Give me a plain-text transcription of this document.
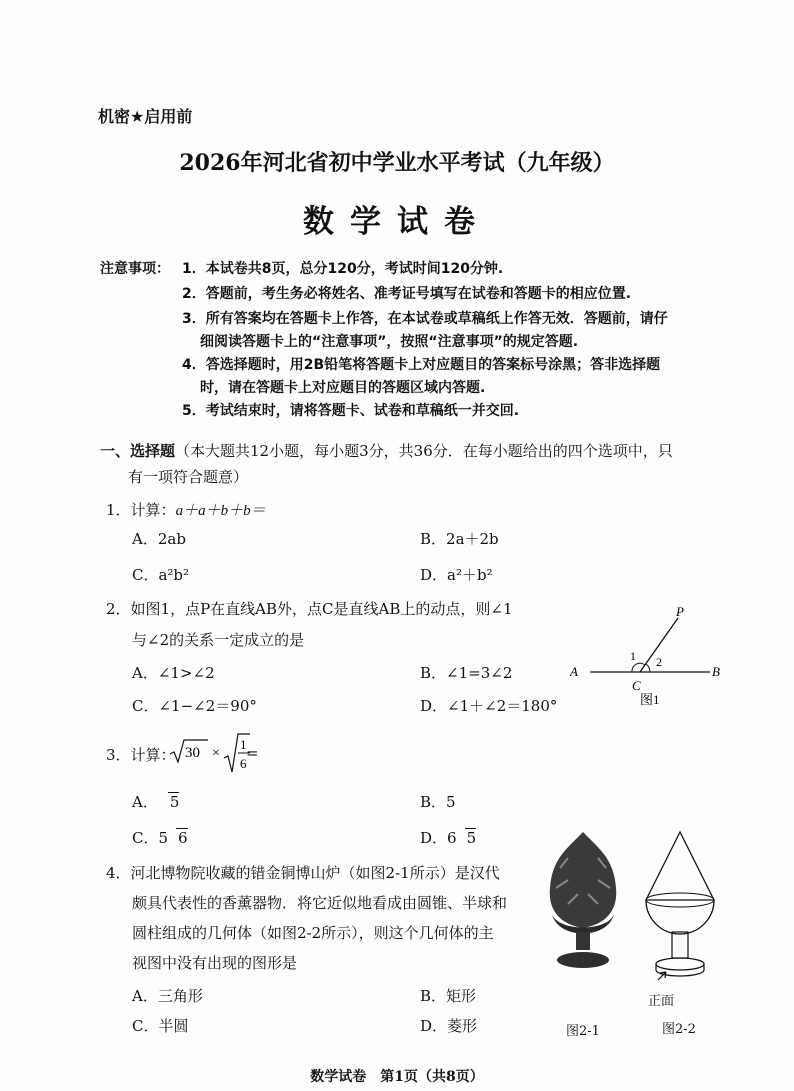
机密★启用前
2026年河北省初中学业水平考试（九年级）
数学试卷
注意事项： 1．本试卷共8页，总分120分，考试时间120分钟.
2．答题前，考生务必将姓名、准考证号填写在试卷和答题卡的相应位置.
3．所有答案均在答题卡上作答，在本试卷或草稿纸上作答无效．答题前，请仔
细阅读答题卡上的“注意事项”，按照“注意事项”的规定答题.
4．答选择题时，用2B铅笔将答题卡上对应题目的答案标号涂黑；答非选择题
时，请在答题卡上对应题目的答题区域内答题.
5．考试结束时，请将答题卡、试卷和草稿纸一并交回.
一、选择题（本大题共12小题，每小题3分，共36分．在每小题给出的四个选项中，只
有一项符合题意）
1．计算：a＋a＋b＋b＝
A．2ab	B．2a＋2b
C．a²b²	D．a²＋b²
2．如图1，点P在直线AB外，点C是直线AB上的动点，则∠1
与∠2的关系一定成立的是
A．∠1>∠2	B．∠1=3∠2
C．∠1−∠2＝90°	D．∠1＋∠2＝180°
P
A	B
C
1 2
图1
3．计算： 30 ×
1
6
=
A． 5	B．5
C．5 6	D．6 5
4．河北博物院收藏的错金铜博山炉（如图2-1所示）是汉代
颇具代表性的香薰器物．将它近似地看成由圆锥、半球和
圆柱组成的几何体（如图2-2所示），则这个几何体的主
视图中没有出现的图形是
A．三角形	B．矩形
C．半圆	D．菱形
正面
图2-1	图2-2
数学试卷　第1页（共8页）
